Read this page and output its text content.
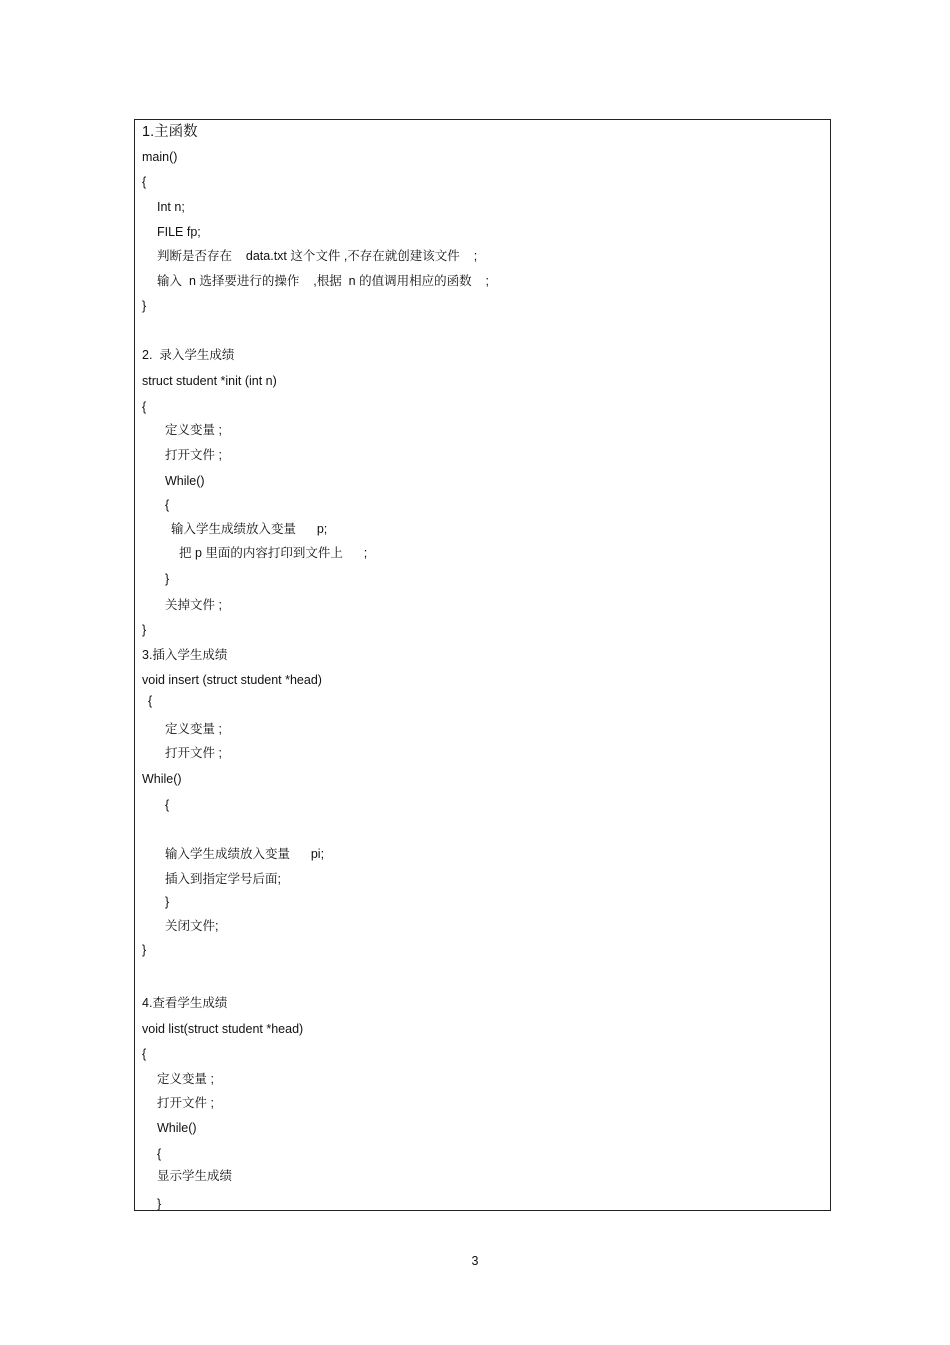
1.主函数
main()
{
Int n;
FILE fp;
判断是否存在    data.txt 这个文件 ,不存在就创建该文件    ;
输入  n 选择要进行的操作    ,根据  n 的值调用相应的函数    ;
}
2.  录入学生成绩
struct student *init (int n)
{
定义变量 ;
打开文件 ;
While()
{
输入学生成绩放入变量      p;
把 p 里面的内容打印到文件上      ;
}
关掉文件 ;
}
3.插入学生成绩
void insert (struct student *head)
{
定义变量 ;
打开文件 ;
While()
{
输入学生成绩放入变量      pi;
插入到指定学号后面;
}
关闭文件;
}
4.查看学生成绩
void list(struct student *head)
{
定义变量 ;
打开文件 ;
While()
{
显示学生成绩
}
3
